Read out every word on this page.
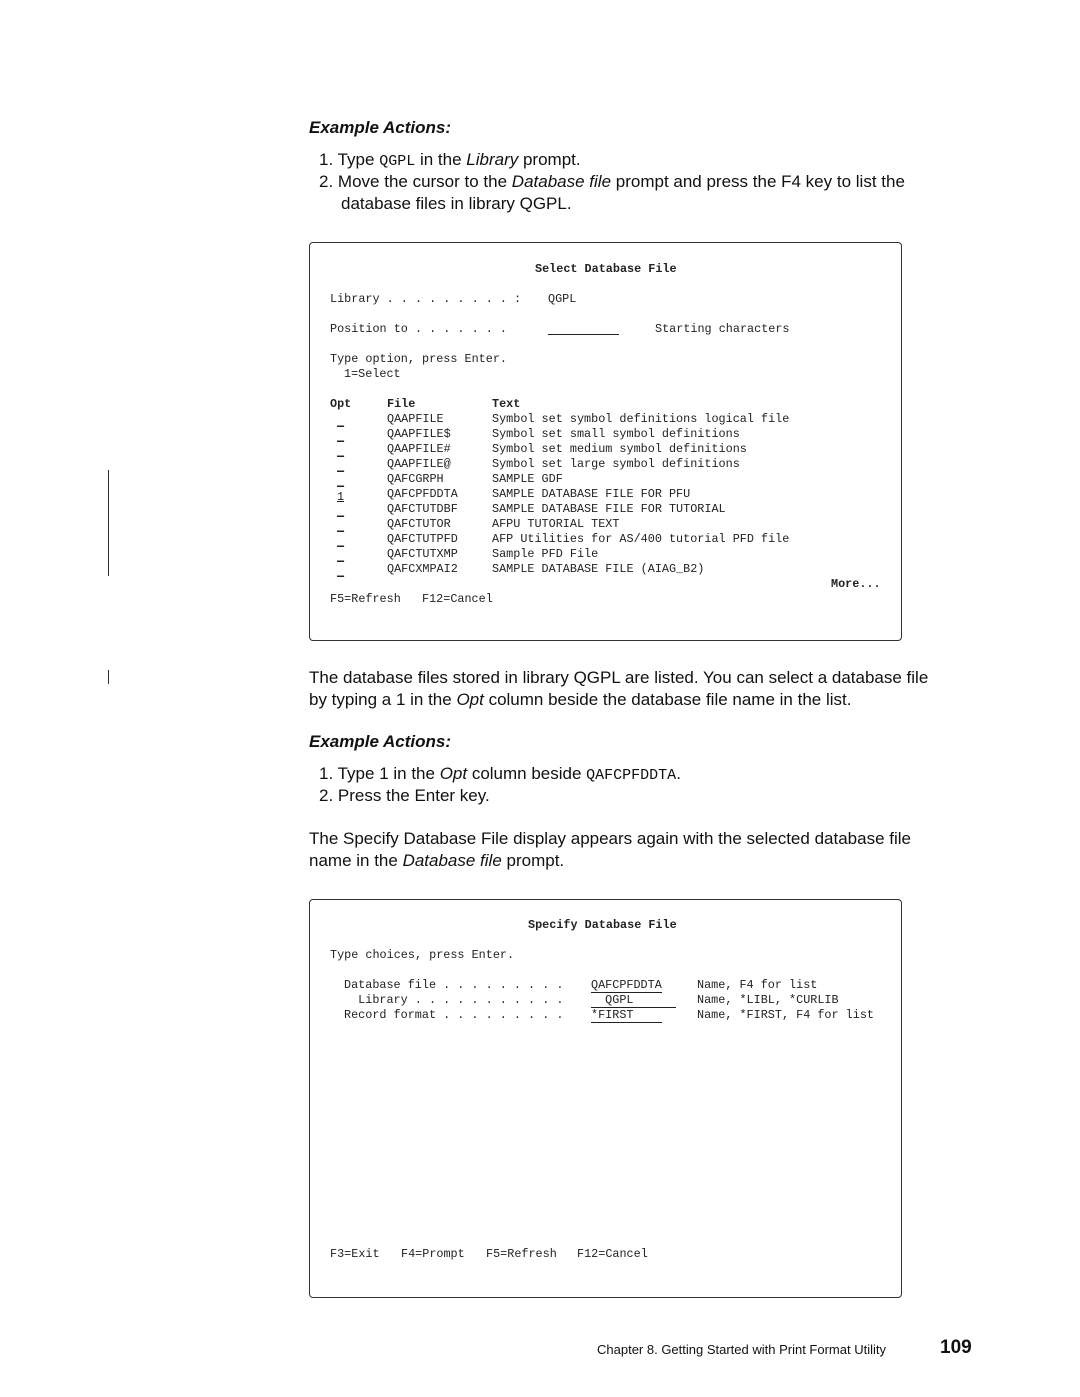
Example Actions:
1. Type QGPL in the Library prompt.
2. Move the cursor to the Database file prompt and press the F4 key to list the
database files in library QGPL.
Select Database File
Library . . . . . . . . . : QGPL
Position to . . . . . . .	Starting characters
Type option, press Enter.
1=Select
Opt	File	Text
_	QAAPFILE	Symbol set symbol definitions logical file
_	QAAPFILE$	Symbol set small symbol definitions
_	QAAPFILE#	Symbol set medium symbol definitions
_	QAAPFILE@	Symbol set large symbol definitions
_	QAFCGRPH	SAMPLE GDF
1	QAFCPFDDTA	SAMPLE DATABASE FILE FOR PFU
_	QAFCTUTDBF	SAMPLE DATABASE FILE FOR TUTORIAL
_	QAFCTUTOR	AFPU TUTORIAL TEXT
_	QAFCTUTPFD	AFP Utilities for AS/400 tutorial PFD file
_	QAFCTUTXMP	Sample PFD File
_	QAFCXMPAI2	SAMPLE DATABASE FILE (AIAG_B2)
More...
F5=Refresh F12=Cancel
The database files stored in library QGPL are listed. You can select a database file
by typing a 1 in the Opt column beside the database file name in the list.
Example Actions:
1. Type 1 in the Opt column beside QAFCPFDDTA.
2. Press the Enter key.
The Specify Database File display appears again with the selected database file
name in the Database file prompt.
Specify Database File
Type choices, press Enter.
Database file . . . . . . . . . QAFCPFDDTA	Name, F4 for list
Library . . . . . . . . . . . QGPL	Name, *LIBL, *CURLIB
Record format . . . . . . . . . *FIRST	Name, *FIRST, F4 for list
F3=Exit F4=Prompt F5=Refresh F12=Cancel
Chapter 8. Getting Started with Print Format Utility	109
